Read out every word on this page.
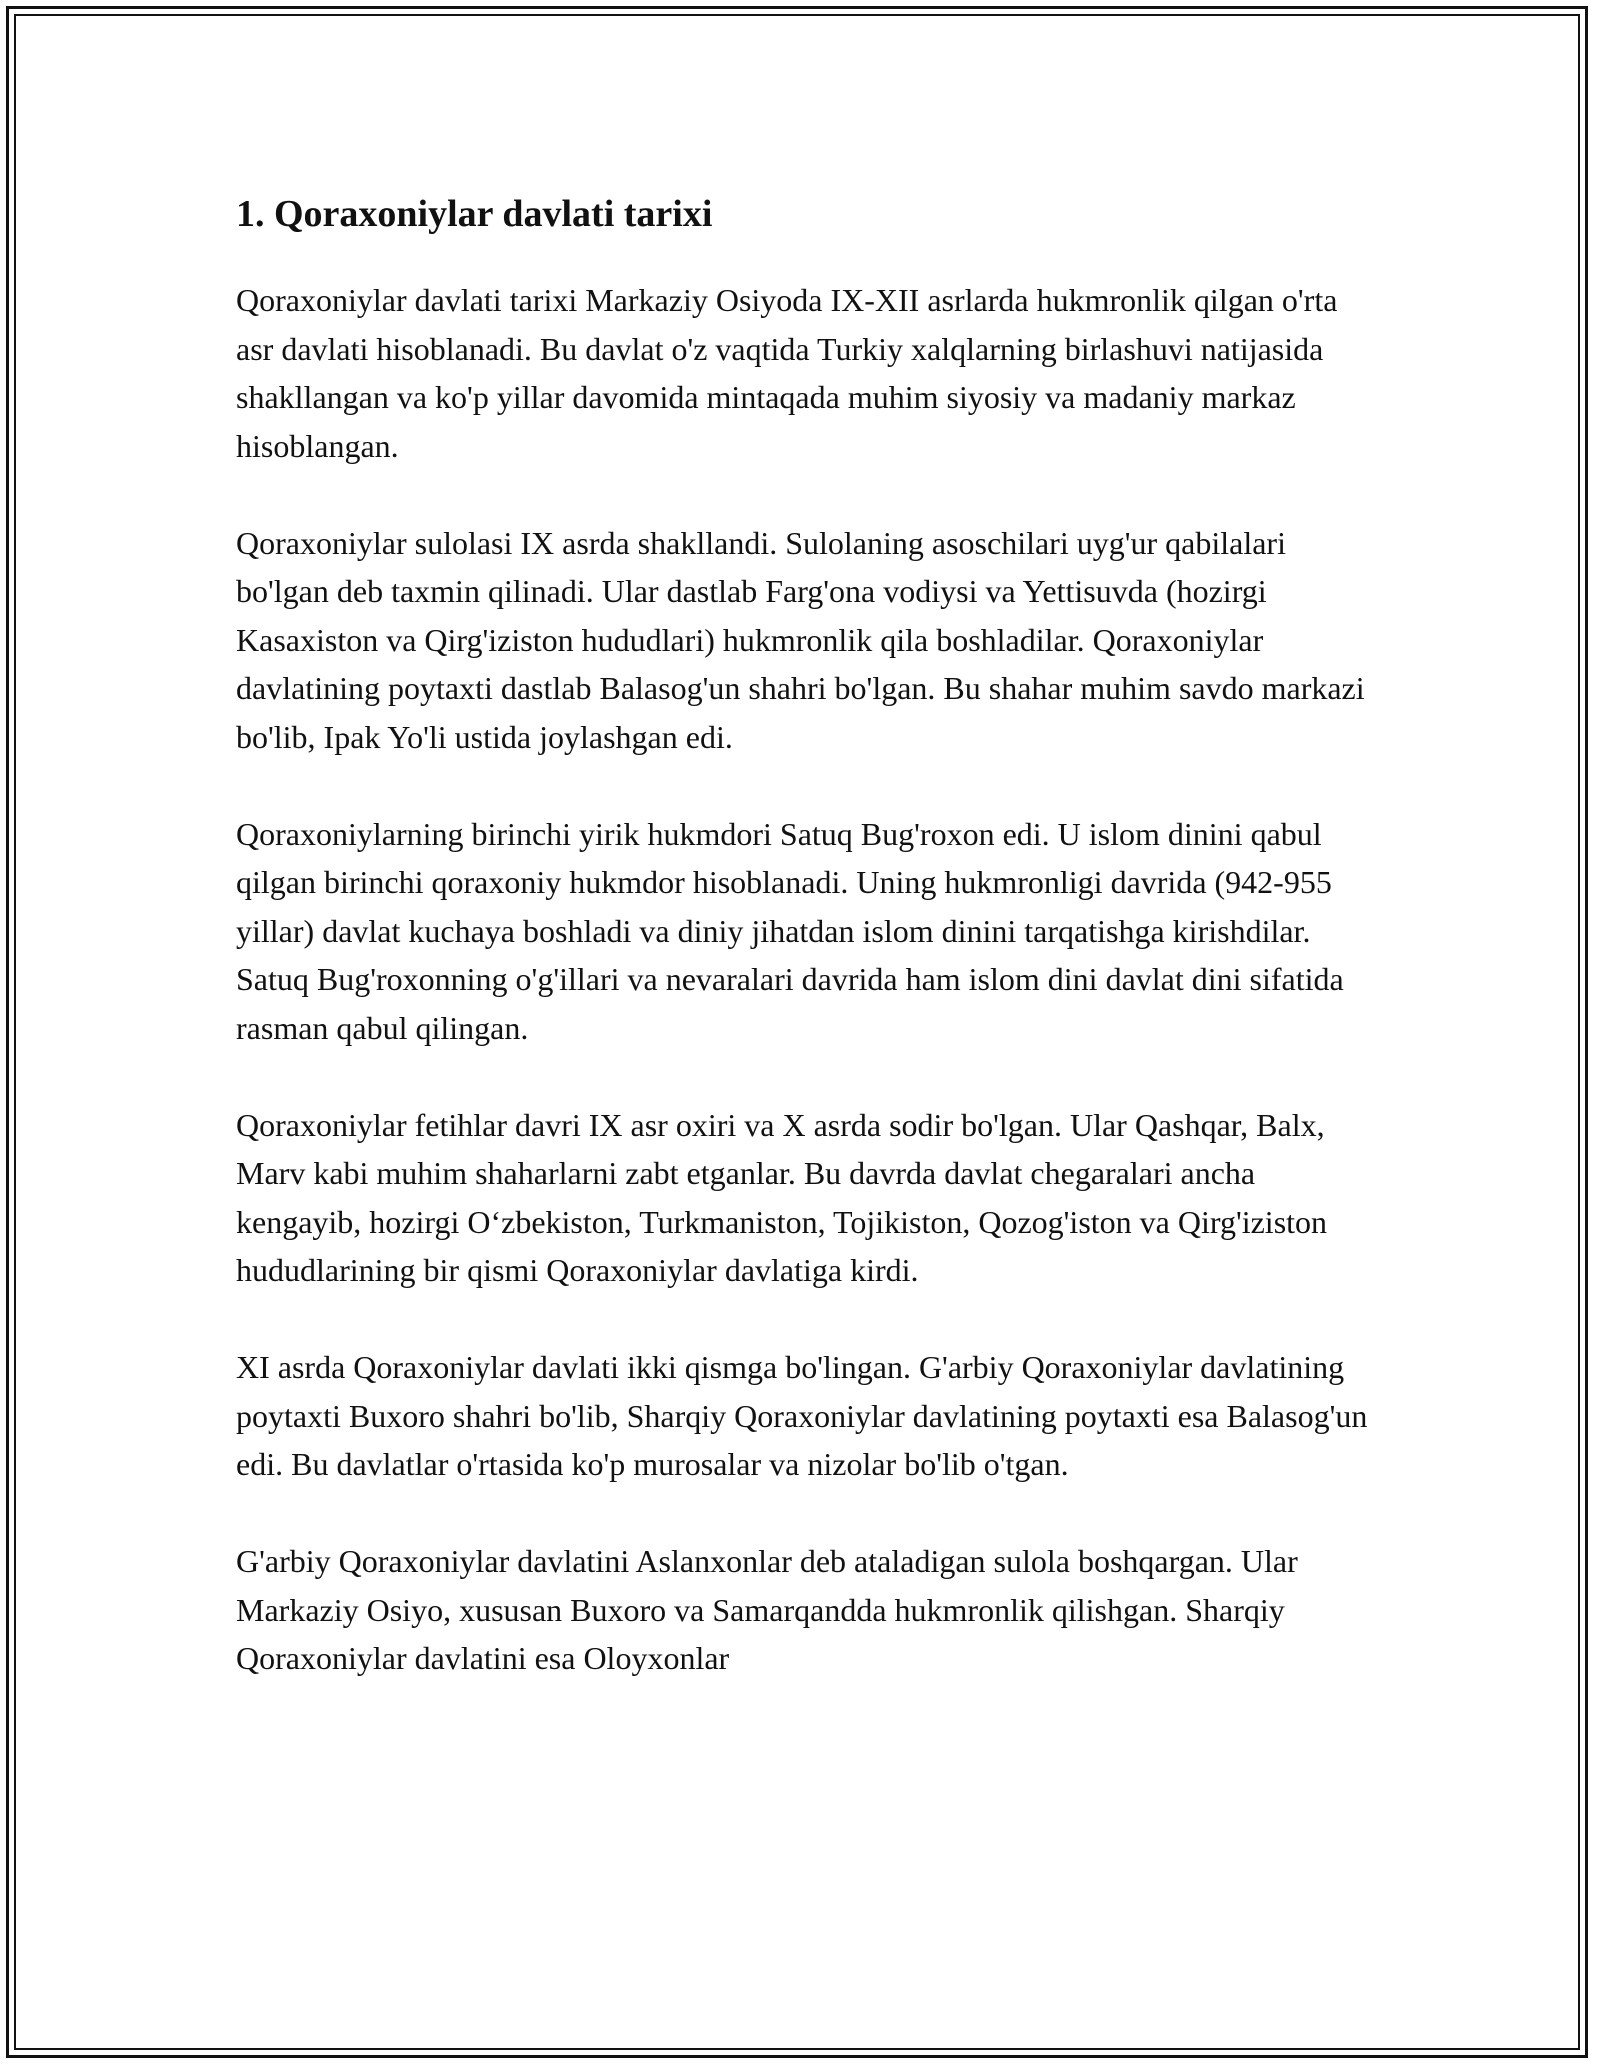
1. Qoraxoniylar davlati tarixi

Qoraxoniylar davlati tarixi Markaziy Osiyoda IX-XII asrlarda hukmronlik qilgan o'rta asr davlati hisoblanadi. Bu davlat o'z vaqtida Turkiy xalqlarning birlashuvi natijasida shakllangan va ko'p yillar davomida mintaqada muhim siyosiy va madaniy markaz hisoblangan.

Qoraxoniylar sulolasi IX asrda shakllandi. Sulolaning asoschilari uyg'ur qabilalari bo'lgan deb taxmin qilinadi. Ular dastlab Farg'ona vodiysi va Yettisuvda (hozirgi Kasaxiston va Qirg'iziston hududlari) hukmronlik qila boshladilar. Qoraxoniylar davlatining poytaxti dastlab Balasog'un shahri bo'lgan. Bu shahar muhim savdo markazi bo'lib, Ipak Yo'li ustida joylashgan edi.

Qoraxoniylarning birinchi yirik hukmdori Satuq Bug'roxon edi. U islom dinini qabul qilgan birinchi qoraxoniy hukmdor hisoblanadi. Uning hukmronligi davrida (942-955 yillar) davlat kuchaya boshladi va diniy jihatdan islom dinini tarqatishga kirishdilar. Satuq Bug'roxonning o'g'illari va nevaralari davrida ham islom dini davlat dini sifatida rasman qabul qilingan.

Qoraxoniylar fetihlar davri IX asr oxiri va X asrda sodir bo'lgan. Ular Qashqar, Balx, Marv kabi muhim shaharlarni zabt etganlar. Bu davrda davlat chegaralari ancha kengayib, hozirgi O‘zbekiston, Turkmaniston, Tojikiston, Qozog'iston va Qirg'iziston hududlarining bir qismi Qoraxoniylar davlatiga kirdi.

XI asrda Qoraxoniylar davlati ikki qismga bo'lingan. G'arbiy Qoraxoniylar davlatining poytaxti Buxoro shahri bo'lib, Sharqiy Qoraxoniylar davlatining poytaxti esa Balasog'un edi. Bu davlatlar o'rtasida ko'p murosalar va nizolar bo'lib o'tgan.

G'arbiy Qoraxoniylar davlatini Aslanxonlar deb ataladigan sulola boshqargan. Ular Markaziy Osiyo, xususan Buxoro va Samarqandda hukmronlik qilishgan. Sharqiy Qoraxoniylar davlatini esa Oloyxonlar
